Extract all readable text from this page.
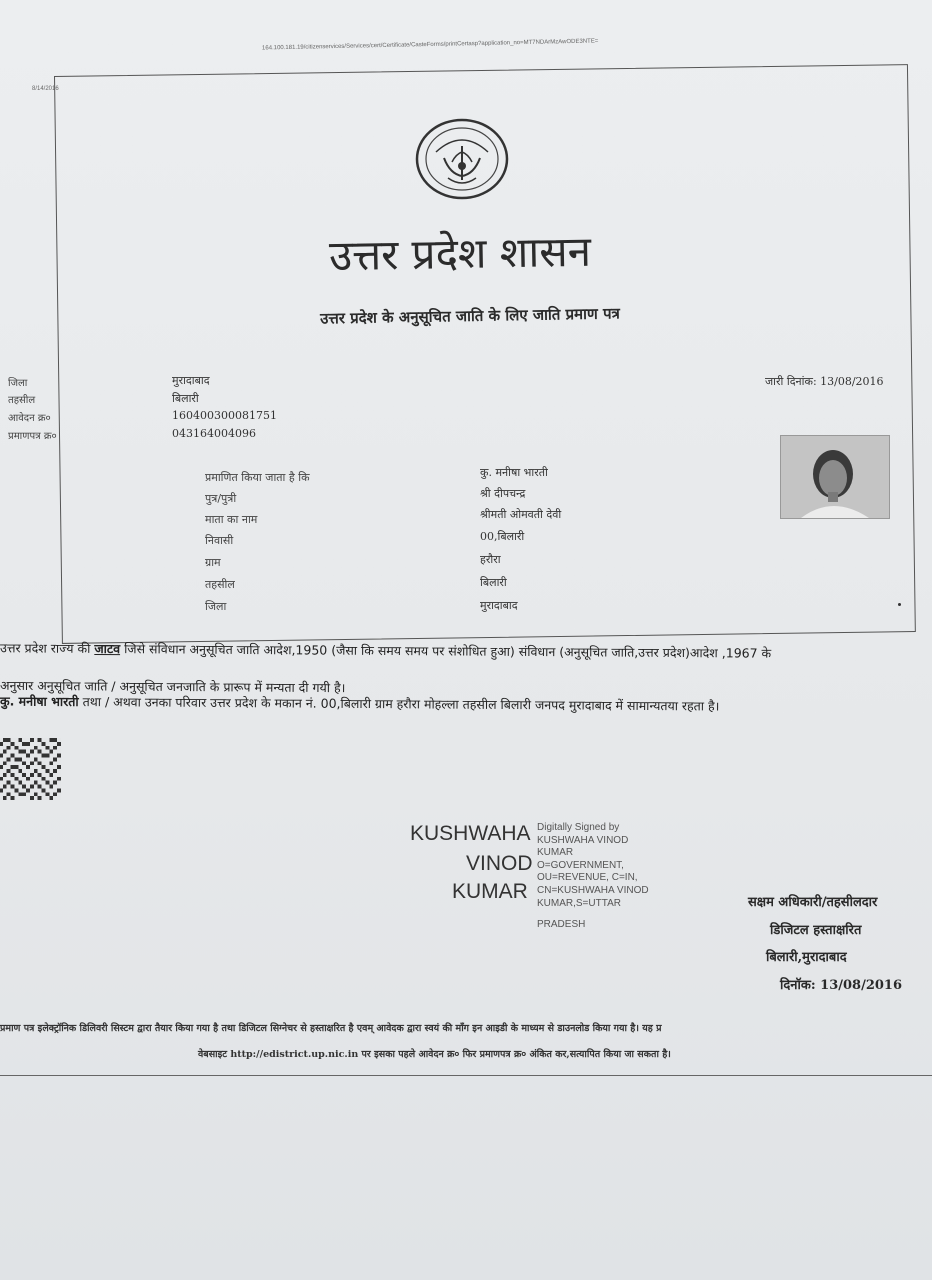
164.100.181.19/citizenservices/Services/cert/Certificate/CasteForms/printCertasp?application_no=MT7NDArMzAwODE3NTE=
8/14/2016
उत्तर प्रदेश शासन
उत्तर प्रदेश के अनुसूचित जाति के लिए जाति प्रमाण पत्र
जिला	मुरादाबाद
तहसील	बिलारी
आवेदन क्र०	160400300081751
प्रमाणपत्र क्र०	043164004096
जारी दिनांक: 13/08/2016
प्रमाणित किया जाता है कि	कु. मनीषा भारती
पुत्र/पुत्री	श्री दीपचन्द्र
माता का नाम	श्रीमती ओमवती देवी
निवासी	00,बिलारी
ग्राम	हरौरा
तहसील	बिलारी
जिला	मुरादाबाद
उत्तर प्रदेश राज्य की जाटव जिसे संविधान अनुसूचित जाति आदेश,1950 (जैसा कि समय समय पर संशोधित हुआ) संविधान (अनुसूचित जाति,उत्तर प्रदेश)आदेश ,1967 के
अनुसार अनुसूचित जाति / अनुसूचित जनजाति के प्रारूप में मन्यता दी गयी है।
कु. मनीषा भारती तथा / अथवा उनका परिवार उत्तर प्रदेश के मकान नं. 00,बिलारी ग्राम हरौरा मोहल्ला तहसील बिलारी जनपद मुरादाबाद में सामान्यतया रहता है।
KUSHWAHA
VINOD
KUMAR
Digitally Signed by
KUSHWAHA VINOD
KUMAR
O=GOVERNMENT,
OU=REVENUE, C=IN,
CN=KUSHWAHA VINOD
KUMAR,S=UTTAR
PRADESH
सक्षम अधिकारी/तहसीलदार
डिजिटल हस्ताक्षरित
बिलारी,मुरादाबाद
दिनॉक: 13/08/2016
प्रमाण पत्र इलेक्ट्रॉनिक डिलिवरी सिस्टम द्वारा तैयार किया गया है तथा डिजिटल सिग्नेचर से हस्ताक्षरित है एवम् आवेदक द्वारा स्वयं की माँग इन आइडी के माध्यम से डाउनलोड किया गया है। यह प्र
वेबसाइट http://edistrict.up.nic.in पर इसका पहले आवेदन क्र० फिर प्रमाणपत्र क्र० अंकित कर,सत्यापित किया जा सकता है।
